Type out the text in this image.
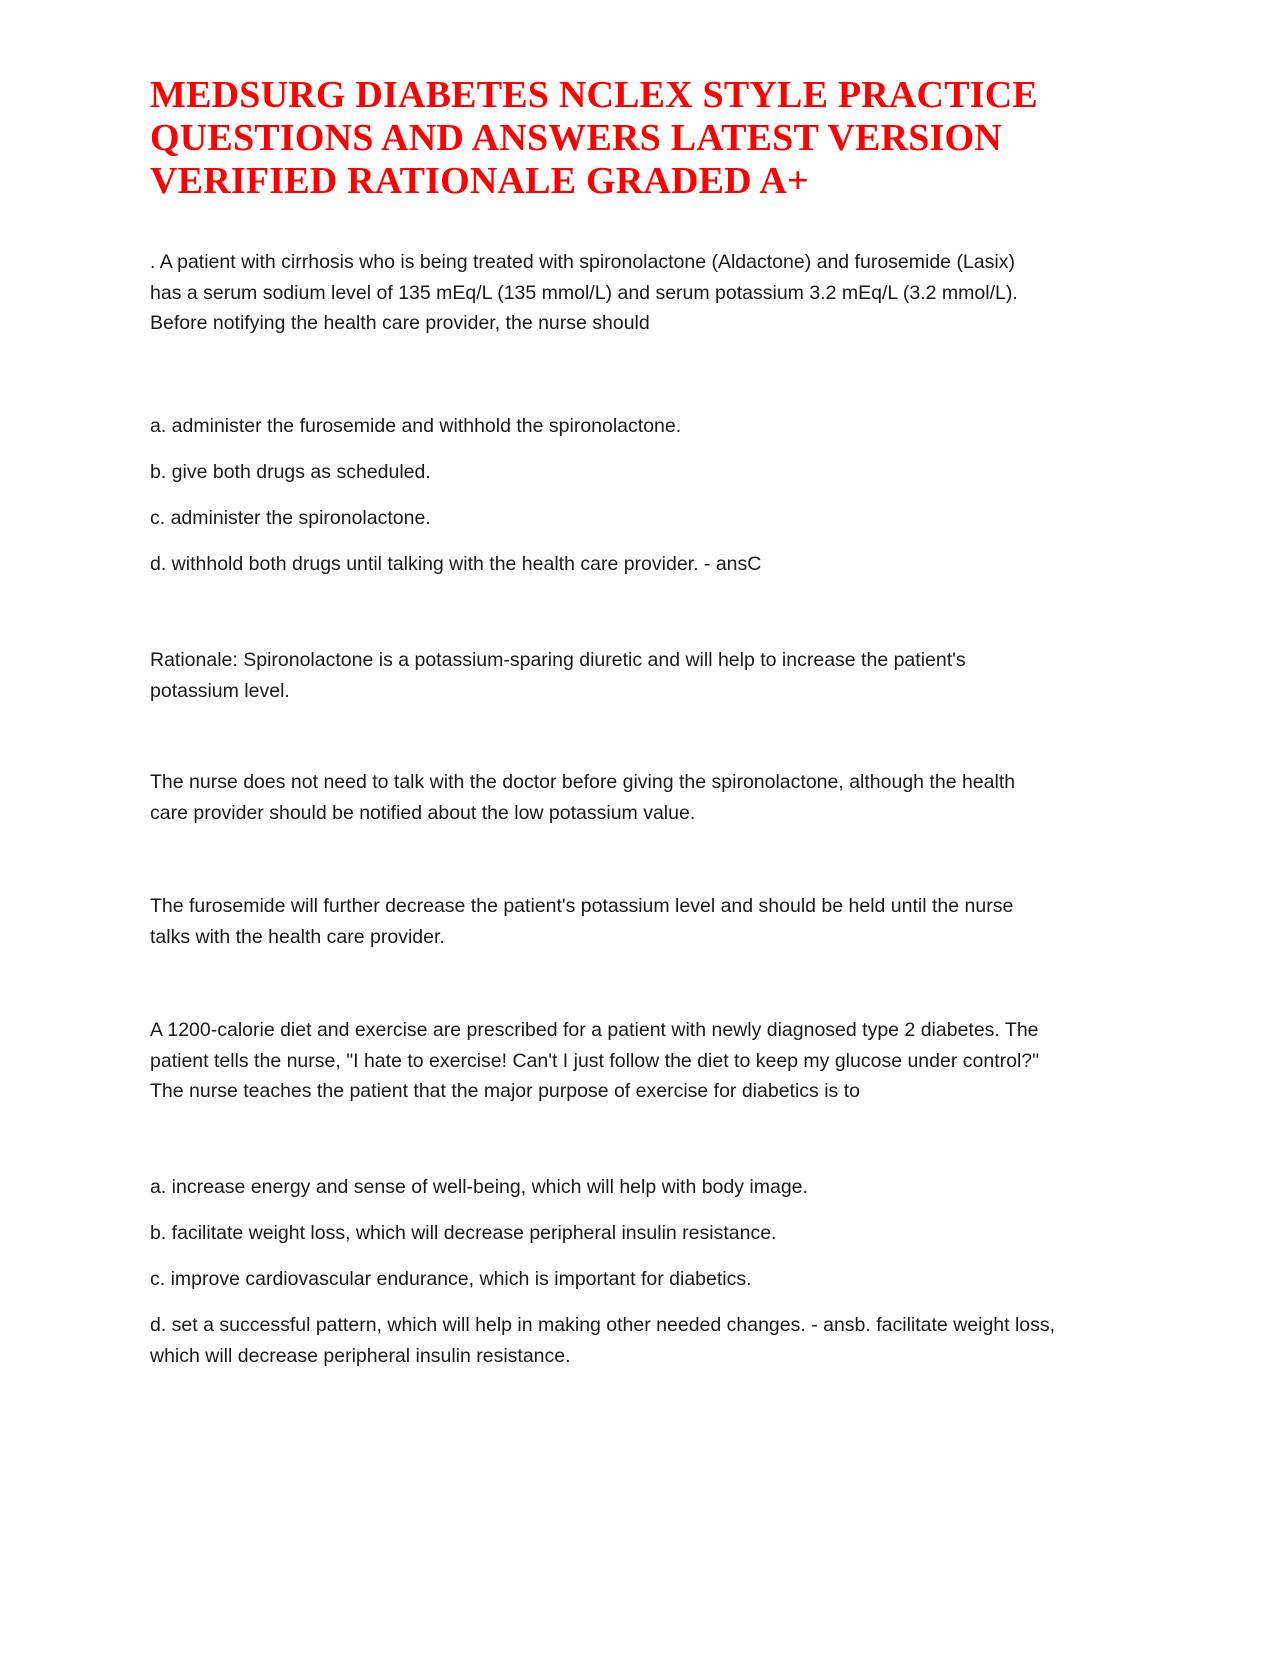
MEDSURG DIABETES NCLEX STYLE PRACTICE
QUESTIONS AND ANSWERS LATEST VERSION
VERIFIED RATIONALE GRADED A+

. A patient with cirrhosis who is being treated with spironolactone (Aldactone) and furosemide (Lasix)
has a serum sodium level of 135 mEq/L (135 mmol/L) and serum potassium 3.2 mEq/L (3.2 mmol/L).
Before notifying the health care provider, the nurse should

a. administer the furosemide and withhold the spironolactone.

b. give both drugs as scheduled.

c. administer the spironolactone.

d. withhold both drugs until talking with the health care provider. - ansC

Rationale: Spironolactone is a potassium-sparing diuretic and will help to increase the patient's
potassium level.

The nurse does not need to talk with the doctor before giving the spironolactone, although the health
care provider should be notified about the low potassium value.

The furosemide will further decrease the patient's potassium level and should be held until the nurse
talks with the health care provider.

A 1200-calorie diet and exercise are prescribed for a patient with newly diagnosed type 2 diabetes. The
patient tells the nurse, "I hate to exercise! Can't I just follow the diet to keep my glucose under control?"
The nurse teaches the patient that the major purpose of exercise for diabetics is to

a. increase energy and sense of well-being, which will help with body image.

b. facilitate weight loss, which will decrease peripheral insulin resistance.

c. improve cardiovascular endurance, which is important for diabetics.

d. set a successful pattern, which will help in making other needed changes. - ansb. facilitate weight loss,
which will decrease peripheral insulin resistance.
